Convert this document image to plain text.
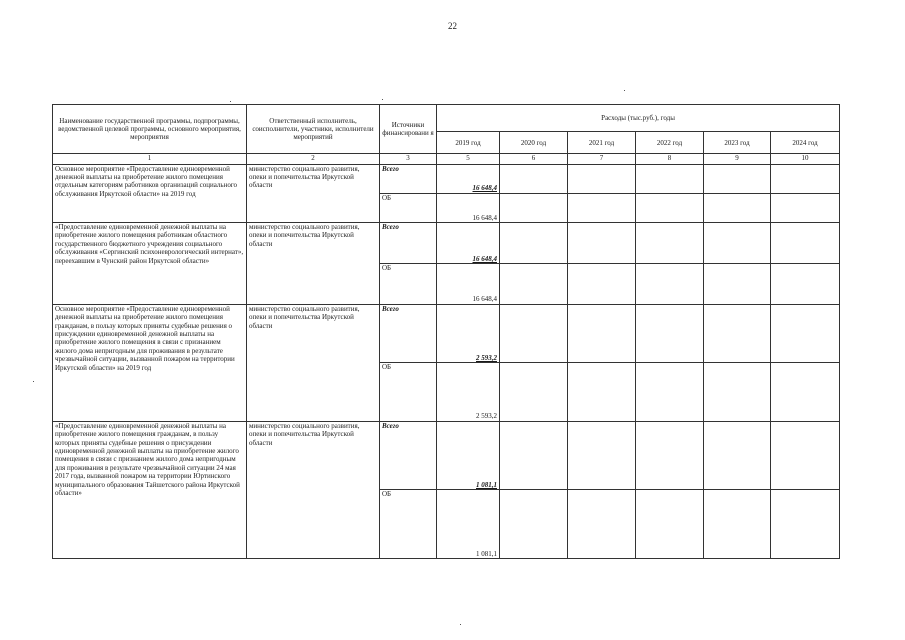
22
Наименование государственной программы, подпрограммы, ведомственной целевой программы, основного мероприятия, мероприятия	Ответственный исполнитель, соисполнители, участники, исполнители мероприятий	Источники финансировани я	Расходы (тыс.руб.), годы					
			2019 год	2020 год	2021 год	2022 год	2023 год	2024 год
1	2	3	5	6	7	8	9	10
Основное мероприятие «Предоставление единовременной денежной выплаты на приобретение жилого помещения отдельным категориям работников организаций социального обслуживания Иркутской области» на 2019 год	министерство социального развития, опеки и попечительства Иркутской области	Всего	16 648,4					
		ОБ	16 648,4					
«Предоставление единовременной денежной выплаты на приобретение жилого помещения работникам областного государственного бюджетного учреждения социального обслуживания «Сергинский психоневрологический интернат», переехавшим в Чунский район Иркутской области»	министерство социального развития, опеки и попечительства Иркутской области	Всего	16 648,4					
		ОБ	16 648,4					
Основное мероприятие «Предоставление единовременной денежной выплаты на приобретение жилого помещения гражданам, в пользу которых приняты судебные решения о присуждении единовременной денежной выплаты на приобретение жилого помещения в связи с признанием жилого дома непригодным для проживания в результате чрезвычайной ситуации, вызванной пожаром на территории Иркутской области» на 2019 год	министерство социального развития, опеки и попечительства Иркутской области	Всего	2 593,2					
		ОБ	2 593,2					
«Предоставление единовременной денежной выплаты на приобретение жилого помещения гражданам, в пользу которых приняты судебные решения о присуждении единовременной денежной выплаты на приобретение жилого помещения в связи с признанием жилого дома непригодным для проживания в результате чрезвычайной ситуации 24 мая 2017 года, вызванной пожаром на территории Юртинского муниципального образования Тайшетского района Иркутской области»	министерство социального развития, опеки и попечительства Иркутской области	Всего	1 081,1					
		ОБ	1 081,1					
